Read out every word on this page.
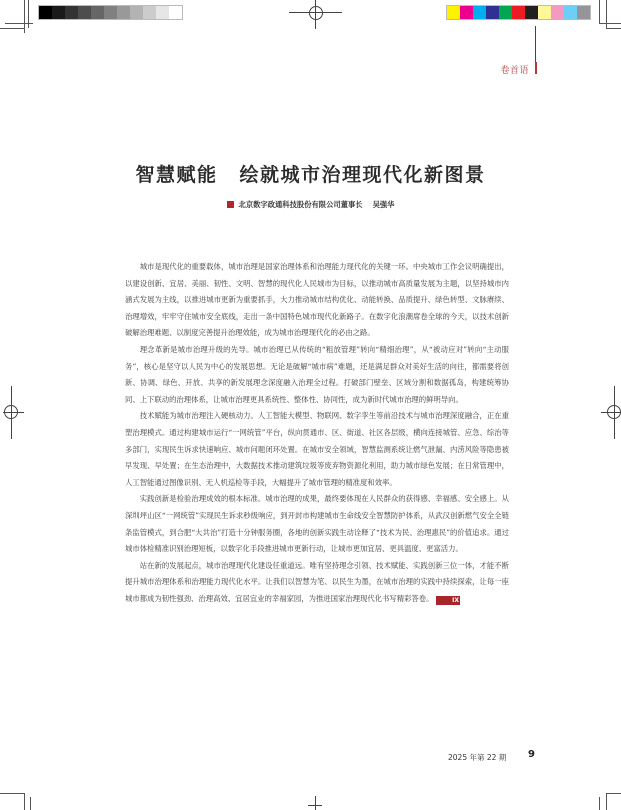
卷首语
智慧赋能 绘就城市治理现代化新图景
北京数字政通科技股份有限公司董事长 吴强华

城市是现代化的重要载体，城市治理是国家治理体系和治理能力现代化的关键一环。中央城市工作会议明确提出，以建设创新、宜居、美丽、韧性、文明、智慧的现代化人民城市为目标，以推动城市高质量发展为主题，以坚持城市内涵式发展为主线，以推进城市更新为重要抓手，大力推动城市结构优化、动能转换、品质提升、绿色转型、文脉赓续、治理增效，牢牢守住城市安全底线，走出一条中国特色城市现代化新路子。在数字化浪潮席卷全球的今天，以技术创新破解治理难题、以制度完善提升治理效能，成为城市治理现代化的必由之路。

理念革新是城市治理升级的先导。城市治理已从传统的“粗放管理”转向“精细治理”，从“被动应对”转向“主动服务”，核心是坚守以人民为中心的发展思想。无论是破解“城市病”难题，还是满足群众对美好生活的向往，都需要将创新、协调、绿色、开放、共享的新发展理念深度融入治理全过程。打破部门壁垒、区域分割和数据孤岛，构建统筹协同、上下联动的治理体系，让城市治理更具系统性、整体性、协同性，成为新时代城市治理的鲜明导向。

技术赋能为城市治理注入硬核动力。人工智能大模型、物联网、数字孪生等前沿技术与城市治理深度融合，正在重塑治理模式。通过构建城市运行“一网统管”平台，纵向贯通市、区、街道、社区各层级，横向连接城管、应急、综治等多部门，实现民生诉求快速响应、城市问题闭环处置。在城市安全领域，智慧监测系统让燃气泄漏、内涝风险等隐患被早发现、早处置；在生态治理中，大数据技术推动建筑垃圾等废弃物资源化利用，助力城市绿色发展；在日常管理中，人工智能通过图像识别、无人机巡检等手段，大幅提升了城市管理的精准度和效率。

实践创新是检验治理成效的根本标准。城市治理的成果，最终要体现在人民群众的获得感、幸福感、安全感上。从深圳坪山区“一网统管”实现民生诉求秒级响应，到开封市构建城市生命线安全智慧防护体系，从武汉创新燃气安全全链条监管模式，到合肥“大共治”打造十分钟服务圈，各地的创新实践生动诠释了“技术为民、治理惠民”的价值追求。通过城市体检精准识别治理短板，以数字化手段推进城市更新行动，让城市更加宜居、更具温度、更富活力。

站在新的发展起点，城市治理现代化建设任重道远。唯有坚持理念引领、技术赋能、实践创新三位一体，才能不断提升城市治理体系和治理能力现代化水平。让我们以智慧为笔、以民生为墨，在城市治理的实践中持续探索，让每一座城市都成为韧性强劲、治理高效、宜居宜业的幸福家园，为推进国家治理现代化书写精彩答卷。	IX

2025 年第 22 期 9
